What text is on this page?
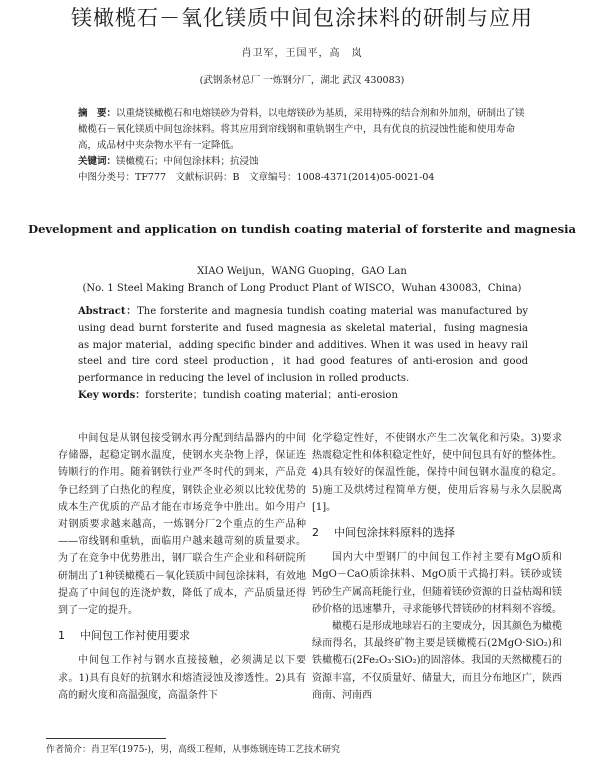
镁橄榄石－氧化镁质中间包涂抹料的研制与应用
肖卫军，王国平，高　岚
(武钢条材总厂 一炼钢分厂，湖北 武汉 430083)

摘　要：以重烧镁橄榄石和电熔镁砂为骨料，以电熔镁砂为基质，采用特殊的结合剂和外加剂，研制出了镁橄榄石－氧化镁质中间包涂抹料。将其应用到帘线钢和重轨钢生产中，具有优良的抗浸蚀性能和使用寿命高，成品材中夹杂物水平有一定降低。

关键词：镁橄榄石；中间包涂抹料；抗浸蚀

中图分类号：TF777　文献标识码：B　文章编号：1008-4371(2014)05-0021-04

Development and application on tundish coating material of forsterite and magnesia
XIAO Weijun，WANG Guoping，GAO Lan
(No. 1 Steel Making Branch of Long Product Plant of WISCO，Wuhan 430083，China)

Abstract：The forsterite and magnesia tundish coating material was manufactured by using dead burnt forsterite and fused magnesia as skeletal material，fusing magnesia as major material，adding specific binder and additives. When it was used in heavy rail steel and tire cord steel production，it had good features of anti-erosion and good performance in reducing the level of inclusion in rolled products.

Key words：forsterite；tundish coating material；anti-erosion

中间包是从钢包接受钢水再分配到结晶器内的中间存储器，起稳定钢水温度，使钢水夹杂物上浮，保证连铸顺行的作用。随着钢铁行业严冬时代的到来，产品竞争已经到了白热化的程度，钢铁企业必须以比较优势的成本生产优质的产品才能在市场竞争中胜出。如今用户对钢质要求越来越高，一炼钢分厂2个重点的生产品种——帘线钢和重轨，面临用户越来越苛刻的质量要求。为了在竞争中优势胜出，钢厂联合生产企业和科研院所研制出了1种镁橄榄石－氧化镁质中间包涂抹料，有效地提高了中间包的连浇炉数，降低了成本，产品质量还得到了一定的提升。

1 中间包工作衬使用要求

中间包工作衬与钢水直接接触，必须满足以下要求。1)具有良好的抗钢水和熔渣浸蚀及渗透性。2)具有高的耐火度和高温强度，高温条件下

化学稳定性好，不使钢水产生二次氧化和污染。3)要求热震稳定性和体积稳定性好，使中间包具有好的整体性。4)具有较好的保温性能，保持中间包钢水温度的稳定。5)施工及烘烤过程简单方便，使用后容易与永久层脱离[1]。

2 中间包涂抹料原料的选择

国内大中型钢厂的中间包工作衬主要有MgO质和MgO－CaO质涂抹料、MgO质干式捣打料。镁砂或镁钙砂生产属高耗能行业，但随着镁砂资源的日益枯竭和镁砂价格的迅速攀升，寻求能够代替镁砂的材料刻不容缓。

橄榄石是形成地球岩石的主要成分，因其颜色为橄榄绿而得名，其最终矿物主要是镁橄榄石(2MgO·SiO₂)和铁橄榄石(2Fe₂O₃·SiO₂)的固溶体。我国的天然橄榄石的资源丰富，不仅质量好、储量大，而且分布地区广，陕西商南、河南西

作者简介：肖卫军(1975-)，男，高级工程师，从事炼钢连铸工艺技术研究
